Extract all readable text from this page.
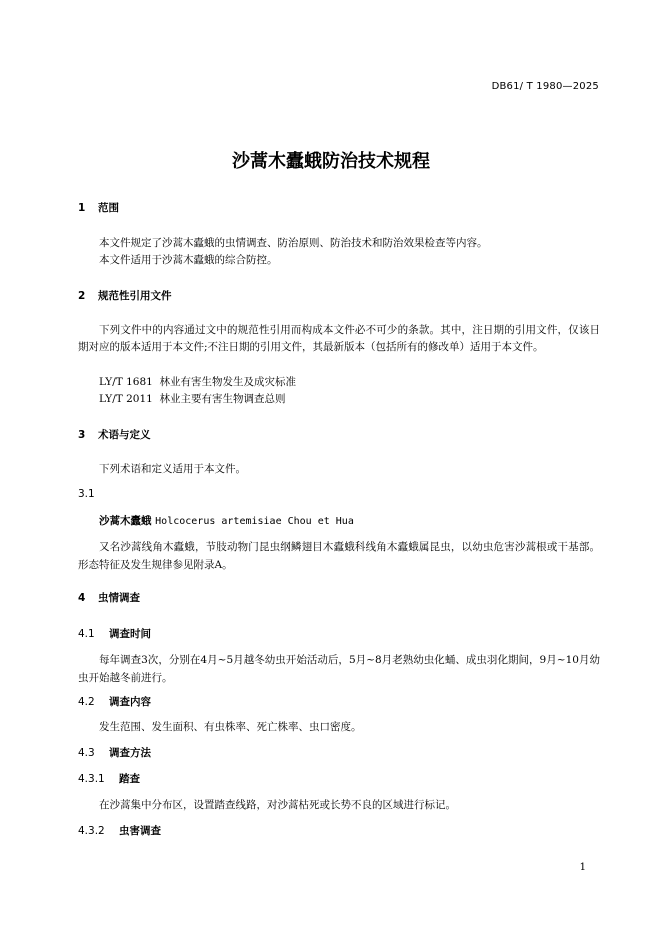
DB61/ T 1980—2025
沙蒿木蠹蛾防治技术规程
1 范围
本文件规定了沙蒿木蠹蛾的虫情调查、防治原则、防治技术和防治效果检查等内容。
本文件适用于沙蒿木蠹蛾的综合防控。
2 规范性引用文件
下列文件中的内容通过文中的规范性引用而构成本文件必不可少的条款。其中，注日期的引用文件，仅该日期对应的版本适用于本文件;不注日期的引用文件，其最新版本（包括所有的修改单）适用于本文件。
LY/T 1681 林业有害生物发生及成灾标准
LY/T 2011 林业主要有害生物调查总则
3 术语与定义
下列术语和定义适用于本文件。
3.1
沙蒿木蠹蛾 Holcocerus artemisiae Chou et Hua
又名沙蒿线角木蠹蛾，节肢动物门昆虫纲鳞翅目木蠹蛾科线角木蠹蛾属昆虫，以幼虫危害沙蒿根或干基部。形态特征及发生规律参见附录A。
4 虫情调查
4.1 调查时间
每年调查3次，分别在4月~5月越冬幼虫开始活动后，5月~8月老熟幼虫化蛹、成虫羽化期间，9月~10月幼虫开始越冬前进行。
4.2 调查内容
发生范围、发生面积、有虫株率、死亡株率、虫口密度。
4.3 调查方法
4.3.1 踏查
在沙蒿集中分布区，设置踏查线路，对沙蒿枯死或长势不良的区域进行标记。
4.3.2 虫害调查
1
